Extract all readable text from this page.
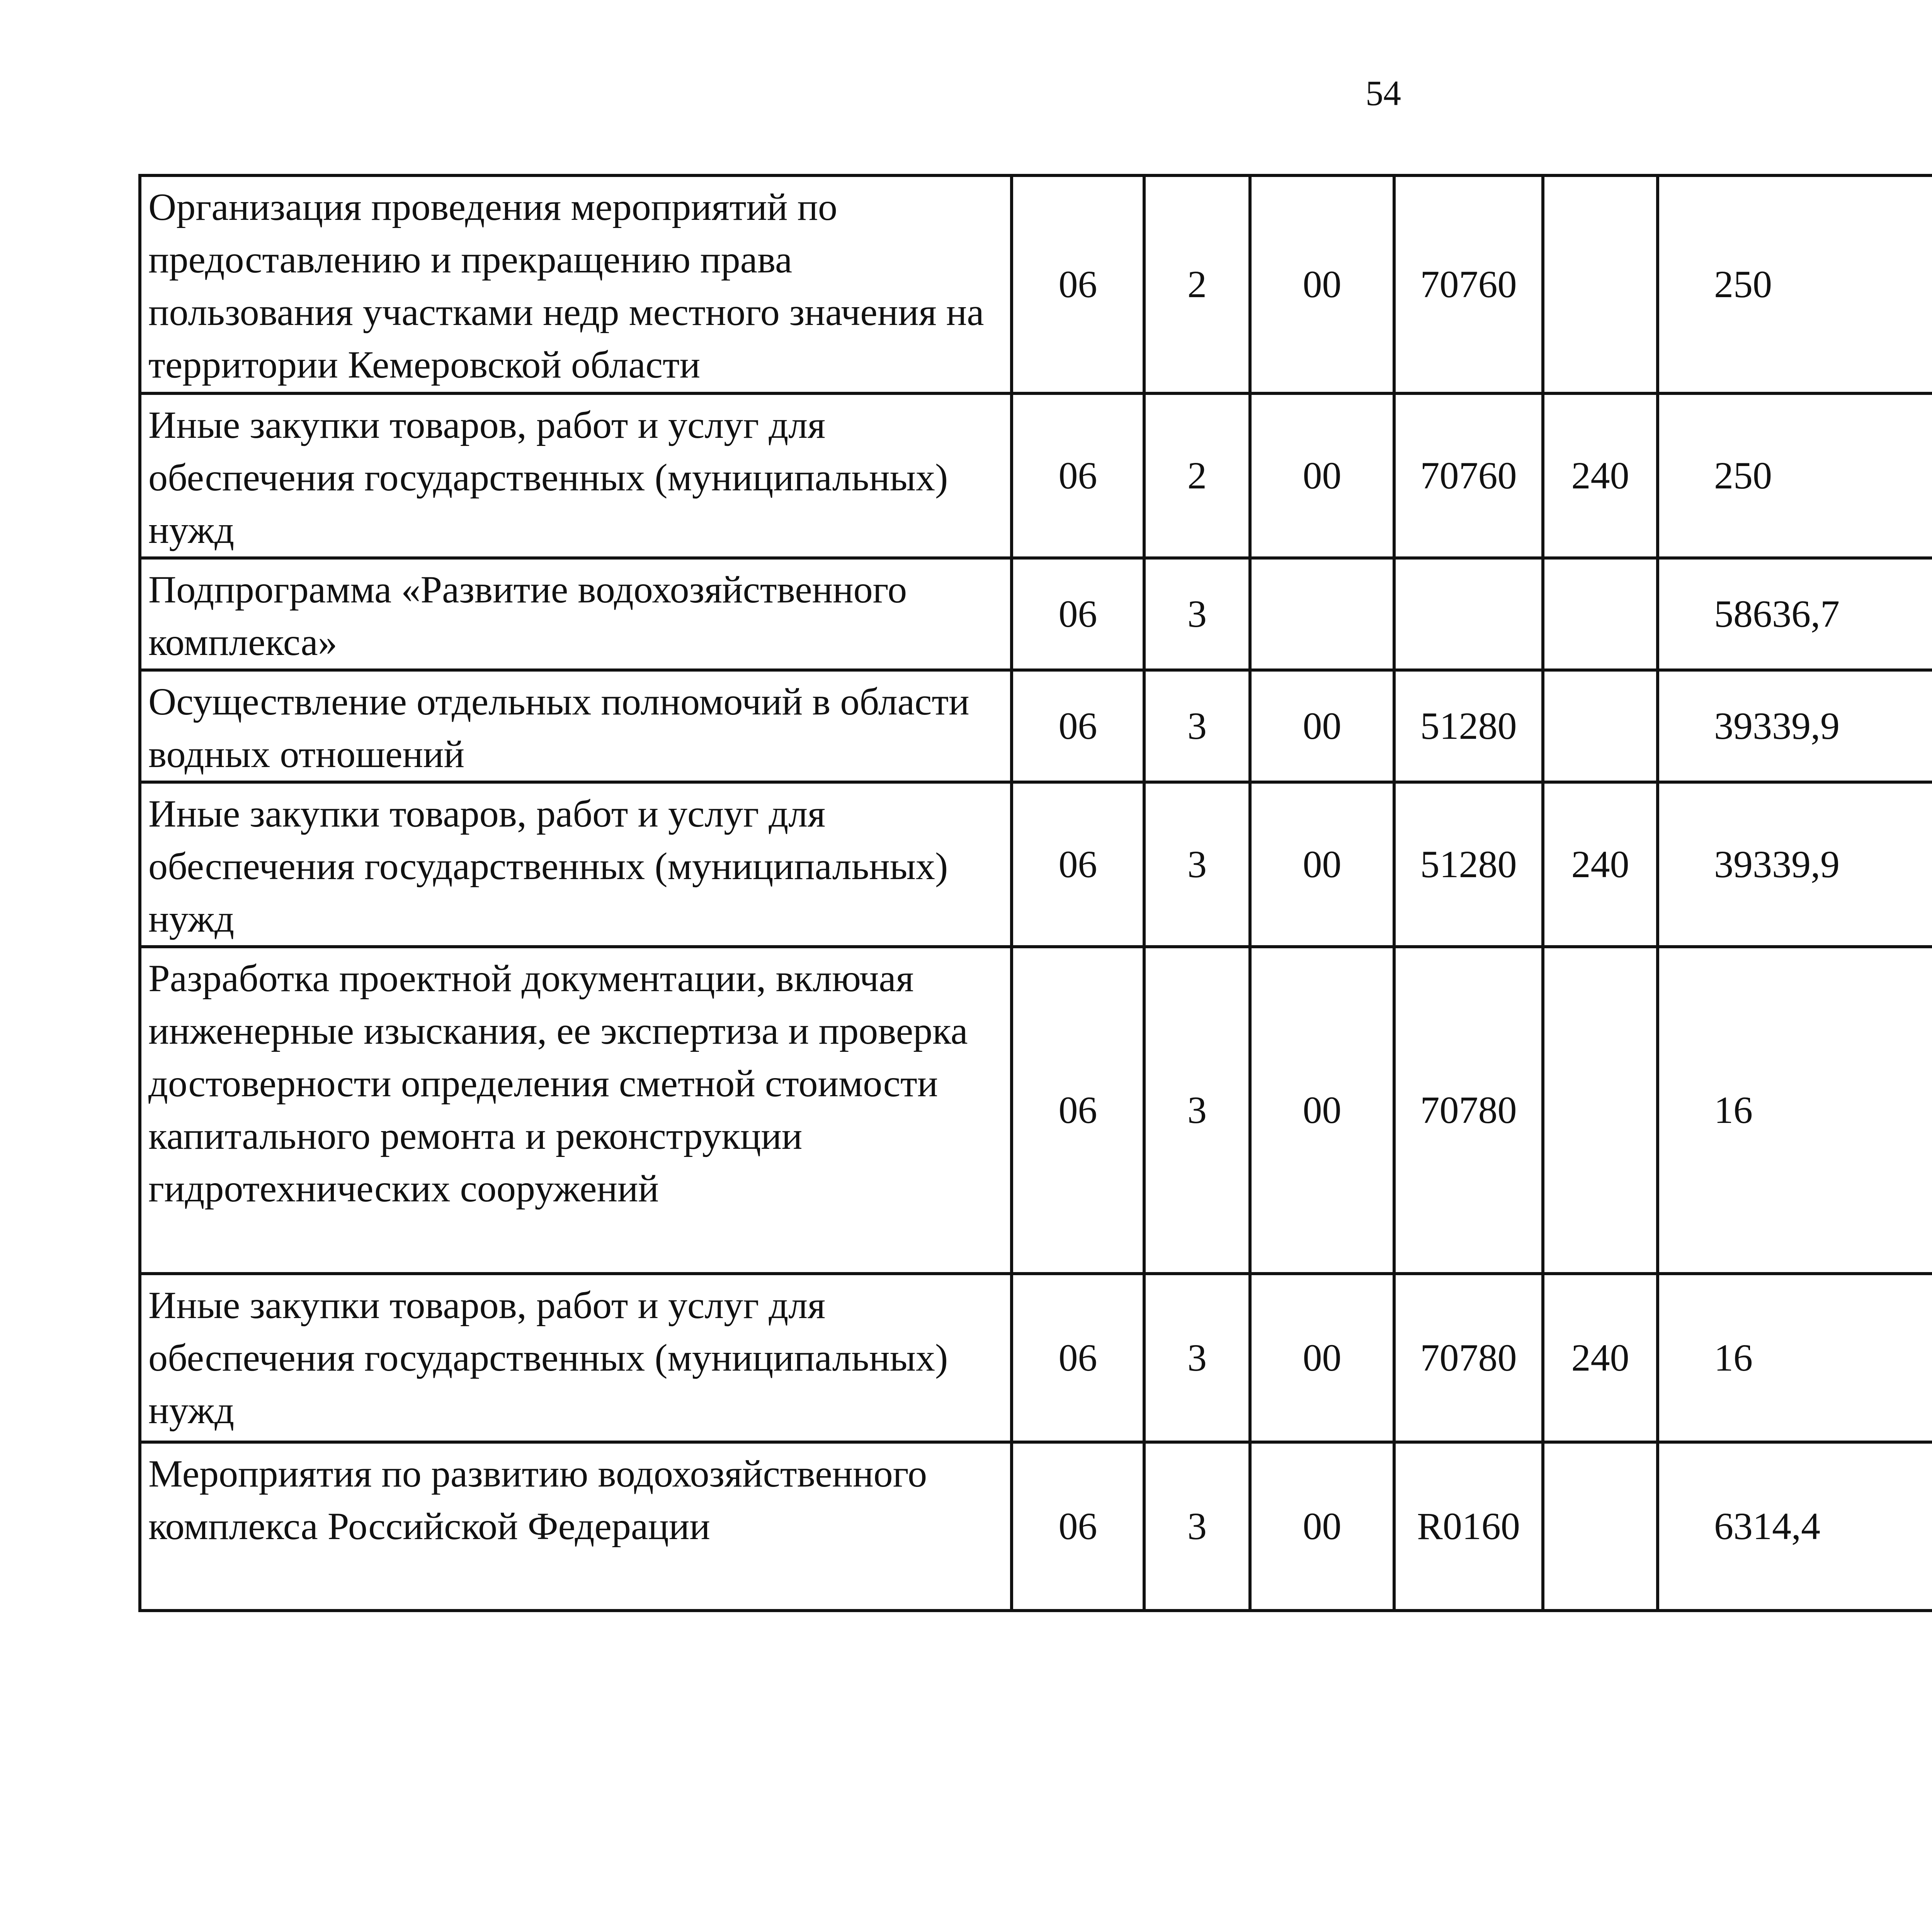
54
Организация проведения мероприятий по предоставлению и прекращению права пользования участками недр местного значения на территории Кемеровской области	06	2	00	70760		250		
Иные закупки товаров, работ и услуг для обеспечения государственных (муниципальных) нужд	06	2	00	70760	240	250		
Подпрограмма «Развитие водохозяйственного комплекса»	06	3				58636,7		
Осуществление отдельных полномочий в области водных отношений	06	3	00	51280		39339,9		
Иные закупки товаров, работ и услуг для обеспечения государственных (муниципальных) нужд	06	3	00	51280	240	39339,9		
Разработка проектной документации, включая инженерные изыскания, ее экспертиза и проверка достоверности определения сметной стоимости капитального ремонта и реконструкции гидротехнических сооружений	06	3	00	70780		16		
Иные закупки товаров, работ и услуг для обеспечения государственных (муниципальных) нужд	06	3	00	70780	240	16		
Мероприятия по развитию водохозяйственного комплекса Российской Федерации	06	3	00	R0160		6314,4		
